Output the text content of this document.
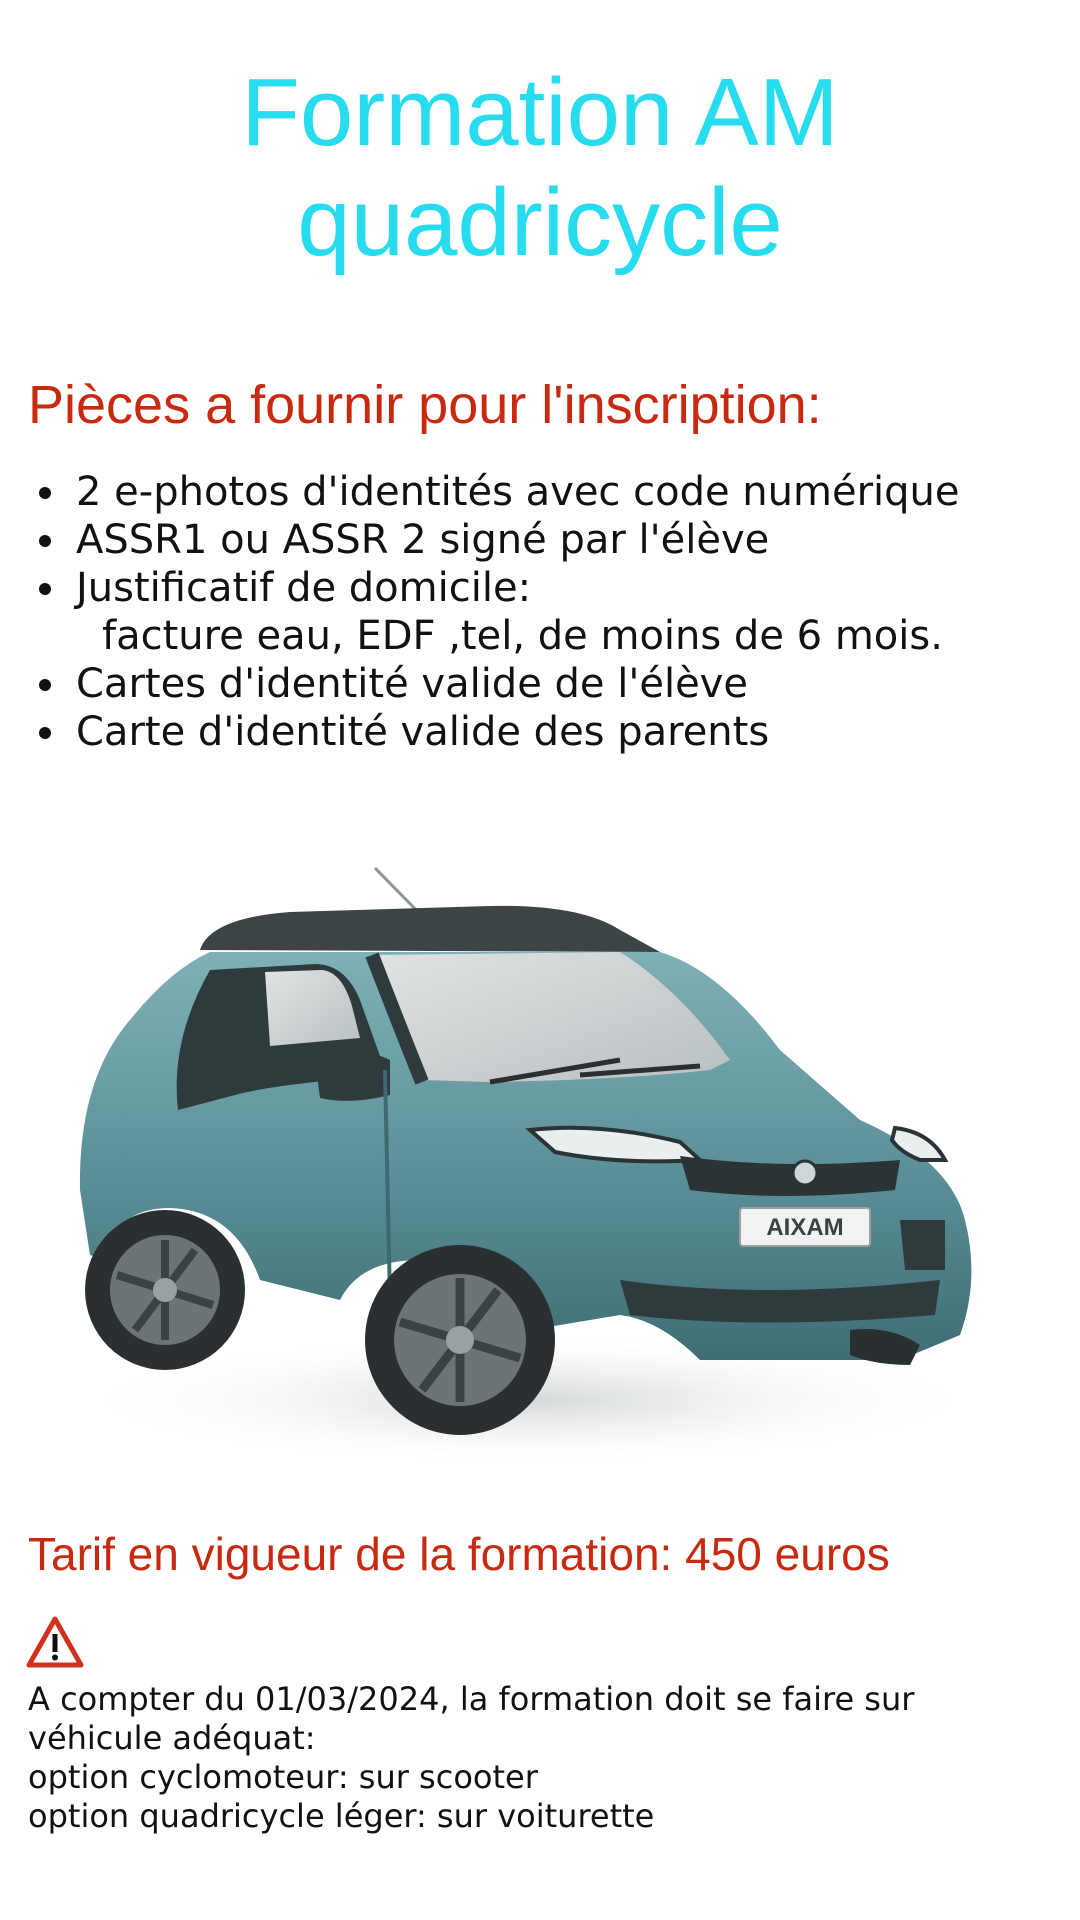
Formation AM
quadricycle
Pièces a fournir pour l'inscription:
2 e-photos d'identités avec code numérique
ASSR1 ou ASSR 2 signé par l'élève
Justificatif de domicile:
facture eau, EDF ,tel, de moins de 6 mois.
Cartes d'identité valide de l'élève
Carte d'identité valide des parents
AIXAM
Tarif en vigueur de la formation: 450 euros
A compter du 01/03/2024, la formation doit se faire sur
véhicule adéquat:
option cyclomoteur: sur scooter
option quadricycle léger: sur voiturette
